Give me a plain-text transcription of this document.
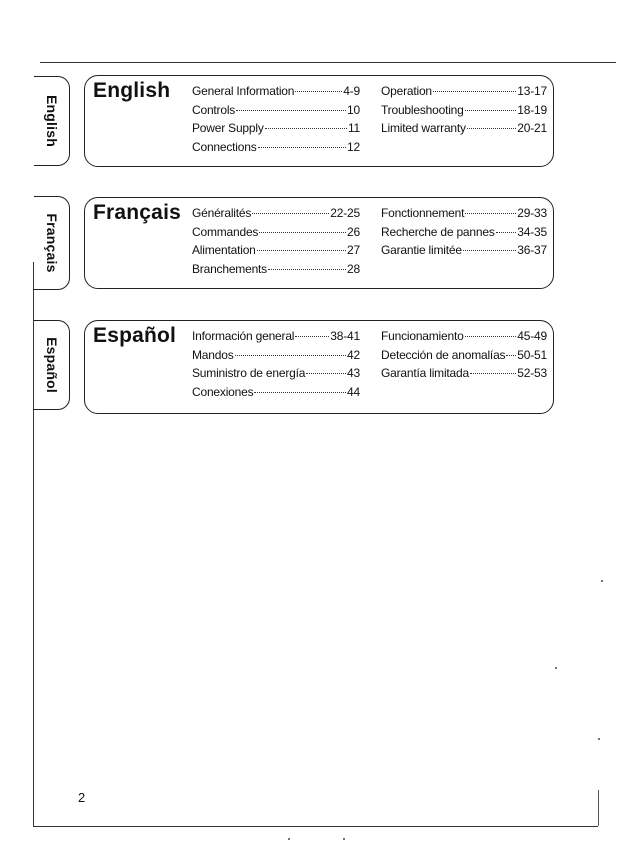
English
Français
Español
English General Information	4-9
Controls	10
Power Supply	11
Connections	12
Operation	13-17
Troubleshooting	18-19
Limited warranty	20-21
Français Généralités	22-25
Commandes	26
Alimentation	27
Branchements	28
Fonctionnement	29-33
Recherche de pannes 34-35
Garantie limitée	36-37
Español Información general	38-41
Mandos	42
Suministro de energía	43
Conexiones	44
Funcionamiento	45-49
Detección de anomalías 50-51
Garantía limitada	52-53
2
